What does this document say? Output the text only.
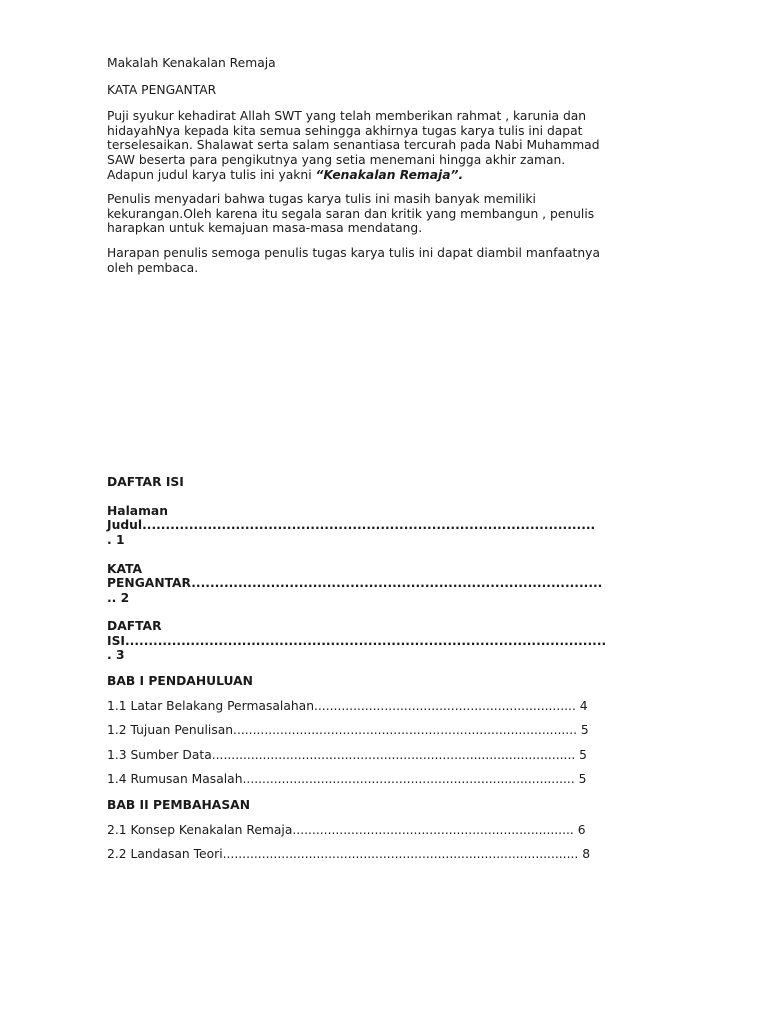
Makalah Kenakalan Remaja

KATA PENGANTAR

Puji syukur kehadirat Allah SWT yang telah memberikan rahmat , karunia dan
hidayahNya kepada kita semua sehingga akhirnya tugas karya tulis ini dapat
terselesaikan. Shalawat serta salam senantiasa tercurah pada Nabi Muhammad
SAW beserta para pengikutnya yang setia menemani hingga akhir zaman.
Adapun judul karya tulis ini yakni “Kenakalan Remaja”.
Penulis menyadari bahwa tugas karya tulis ini masih banyak memiliki
kekurangan.Oleh karena itu segala saran dan kritik yang membangun , penulis
harapkan untuk kemajuan masa-masa mendatang.
Harapan penulis semoga penulis tugas karya tulis ini dapat diambil manfaatnya
oleh pembaca.

DAFTAR ISI

Halaman
Judul.................................................................................................
. 1
KATA
PENGANTAR........................................................................................
.. 2
DAFTAR
ISI.......................................................................................................
. 3

BAB I PENDAHULUAN

1.1 Latar Belakang Permasalahan................................................................... 4
1.2 Tujuan Penulisan........................................................................................ 5
1.3 Sumber Data............................................................................................. 5
1.4 Rumusan Masalah..................................................................................... 5

BAB II PEMBAHASAN

2.1 Konsep Kenakalan Remaja........................................................................ 6
2.2 Landasan Teori........................................................................................... 8
